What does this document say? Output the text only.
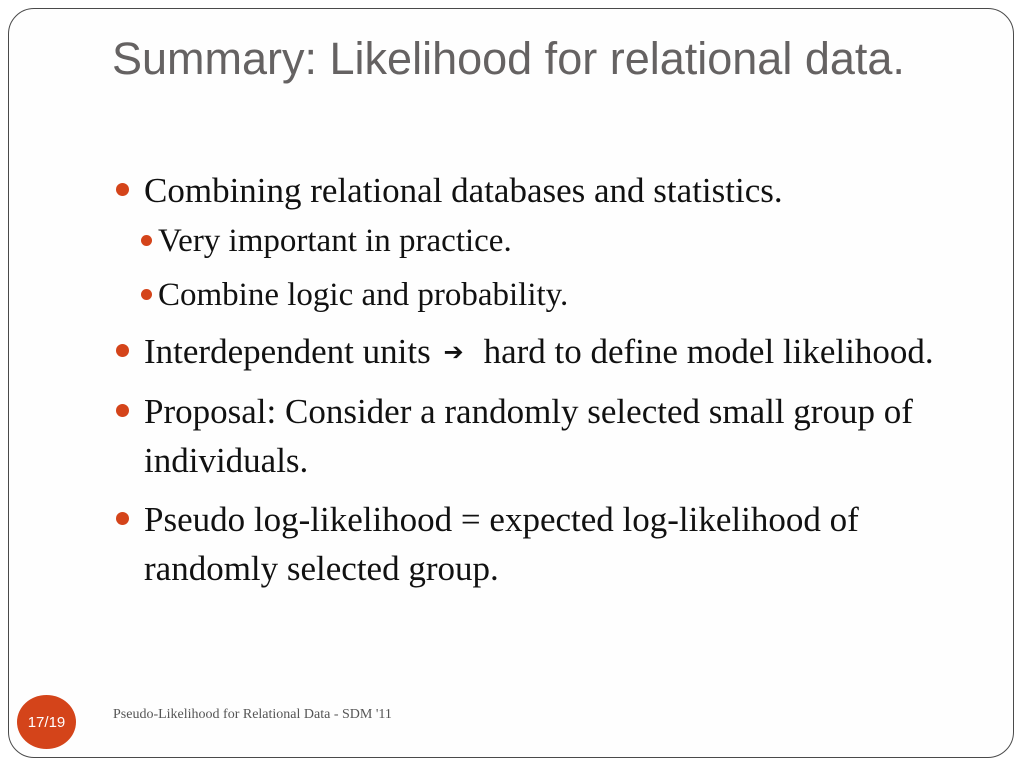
Summary: Likelihood for relational data.
Combining relational databases and statistics.
Very important in practice.
Combine logic and probability.
Interdependent units ➔ hard to define model likelihood.
Proposal: Consider a randomly selected small group of individuals.
Pseudo log-likelihood = expected log-likelihood of randomly selected group.
17/19	Pseudo-Likelihood for Relational Data - SDM '11
